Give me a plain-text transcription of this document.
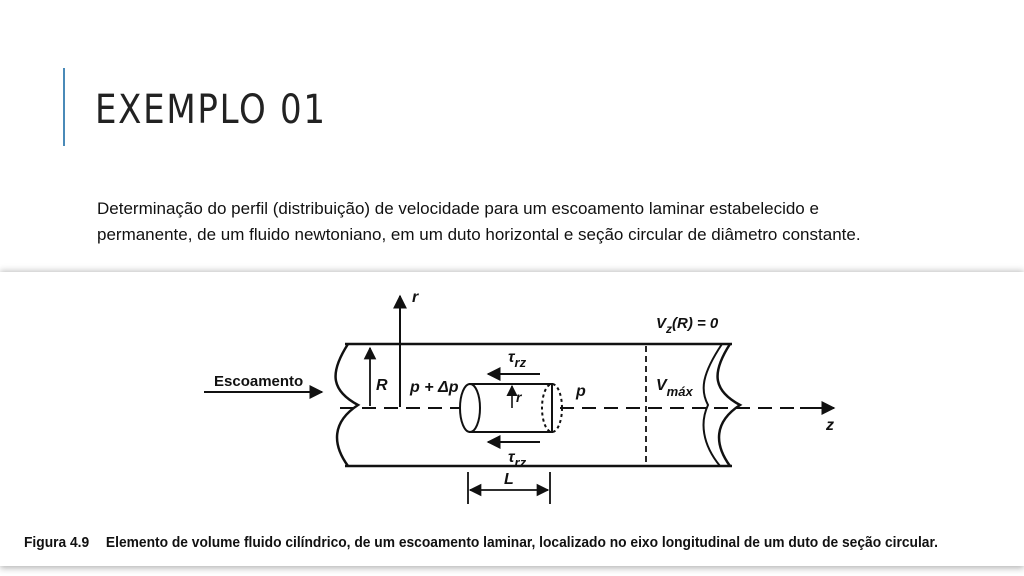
EXEMPLO 01
Determinação do perfil (distribuição) de velocidade para um escoamento laminar estabelecido e permanente, de um fluido newtoniano, em um duto horizontal e seção circular de diâmetro constante.
r
R
z
Escoamento
r
p + Δp	p
$\tau_{rz}$
$\tau_{rz}$
$V_{máx}$
$V_z(R) = 0$
L
Figura 4.9 Elemento de volume fluido cilíndrico, de um escoamento laminar, localizado no eixo longitudinal de um duto de seção circular.
